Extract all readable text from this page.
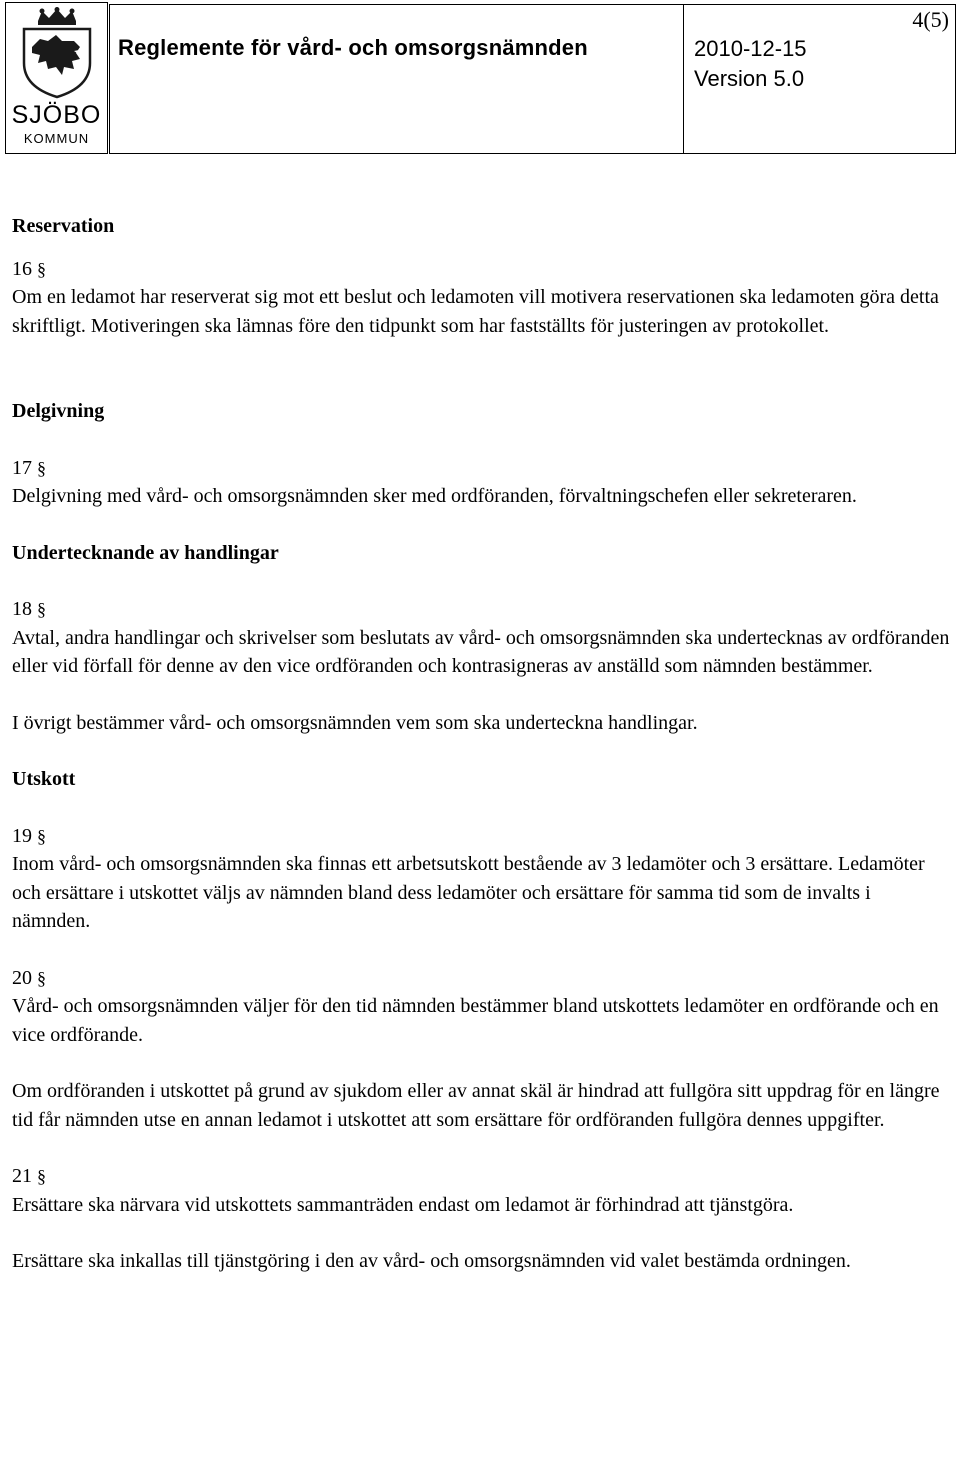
SJÖBO
KOMMUN
Reglemente för vård- och omsorgsnämnden
4(5)
2010-12-15
Version 5.0

Reservation

16 §

Om en ledamot har reserverat sig mot ett beslut och ledamoten vill motivera reservationen ska ledamoten göra detta skriftligt. Motiveringen ska lämnas före den tidpunkt som har fastställts för justeringen av protokollet.

Delgivning

17 §

Delgivning med vård- och omsorgsnämnden sker med ordföranden, förvaltningschefen eller sekreteraren.

Undertecknande av handlingar

18 §

Avtal, andra handlingar och skrivelser som beslutats av vård- och omsorgsnämnden ska undertecknas av ordföranden eller vid förfall för denne av den vice ordföranden och kontrasigneras av anställd som nämnden bestämmer.

I övrigt bestämmer vård- och omsorgsnämnden vem som ska underteckna handlingar.

Utskott

19 §

Inom vård- och omsorgsnämnden ska finnas ett arbetsutskott bestående av 3 ledamöter och 3 ersättare. Ledamöter och ersättare i utskottet väljs av nämnden bland dess ledamöter och ersättare för samma tid som de invalts i nämnden.

20 §

Vård- och omsorgsnämnden väljer för den tid nämnden bestämmer bland utskottets ledamöter en ordförande och en vice ordförande.

Om ordföranden i utskottet på grund av sjukdom eller av annat skäl är hindrad att fullgöra sitt uppdrag för en längre tid får nämnden utse en annan ledamot i utskottet att som ersättare för ordföranden fullgöra dennes uppgifter.

21 §

Ersättare ska närvara vid utskottets sammanträden endast om ledamot är förhindrad att tjänstgöra.

Ersättare ska inkallas till tjänstgöring i den av vård- och omsorgsnämnden vid valet bestämda ordningen.
